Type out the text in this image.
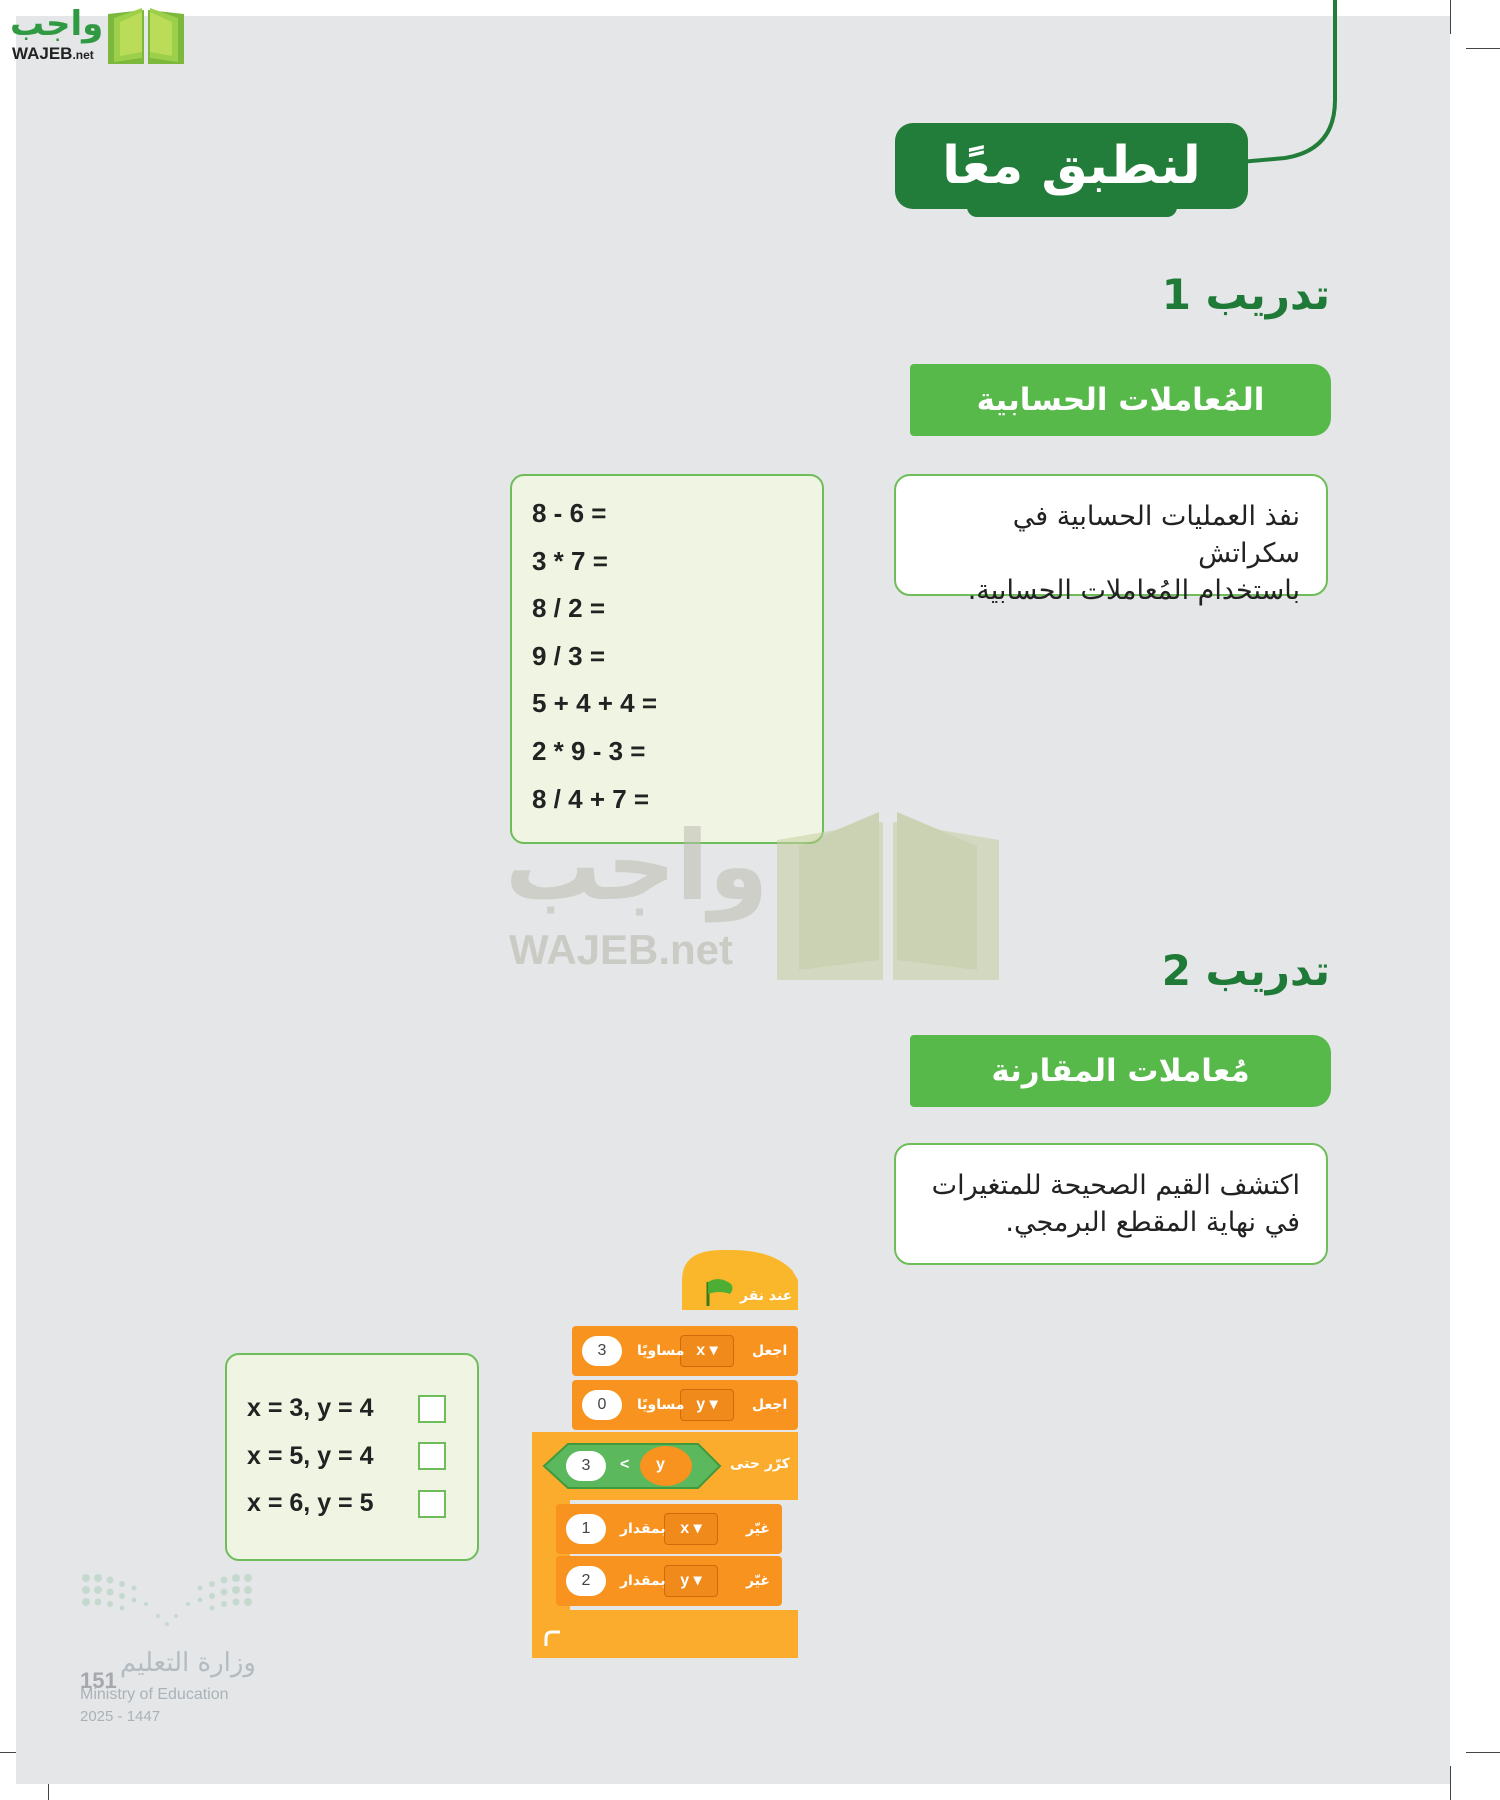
واجب
WAJEB.net
لنطبق معًا
تدريب 1
المُعاملات الحسابية
نفذ العمليات الحسابية في سكراتش
باستخدام المُعاملات الحسابية.
8 - 6 =
3 * 7 =
8 / 2 =
9 / 3 =
5 + 4 + 4 =
2 * 9 - 3 =
8 / 4 + 7 =
واجب
WAJEB.net	تدريب 2
مُعاملات المقارنة
اكتشف القيم الصحيحة للمتغيرات
في نهاية المقطع البرمجي.
x = 3, y = 4
x = 5, y = 4
x = 6, y = 5
عند نقر
اجعل
x ▾
مساويًا
3
اجعل
y ▾
مساويًا
0
كرّر حتى
y
>
3
غيّر
x ▾
بمقدار
1
غيّر
y ▾
بمقدار
2
وزارة التعليم
151
Ministry of Education
2025 - 1447
